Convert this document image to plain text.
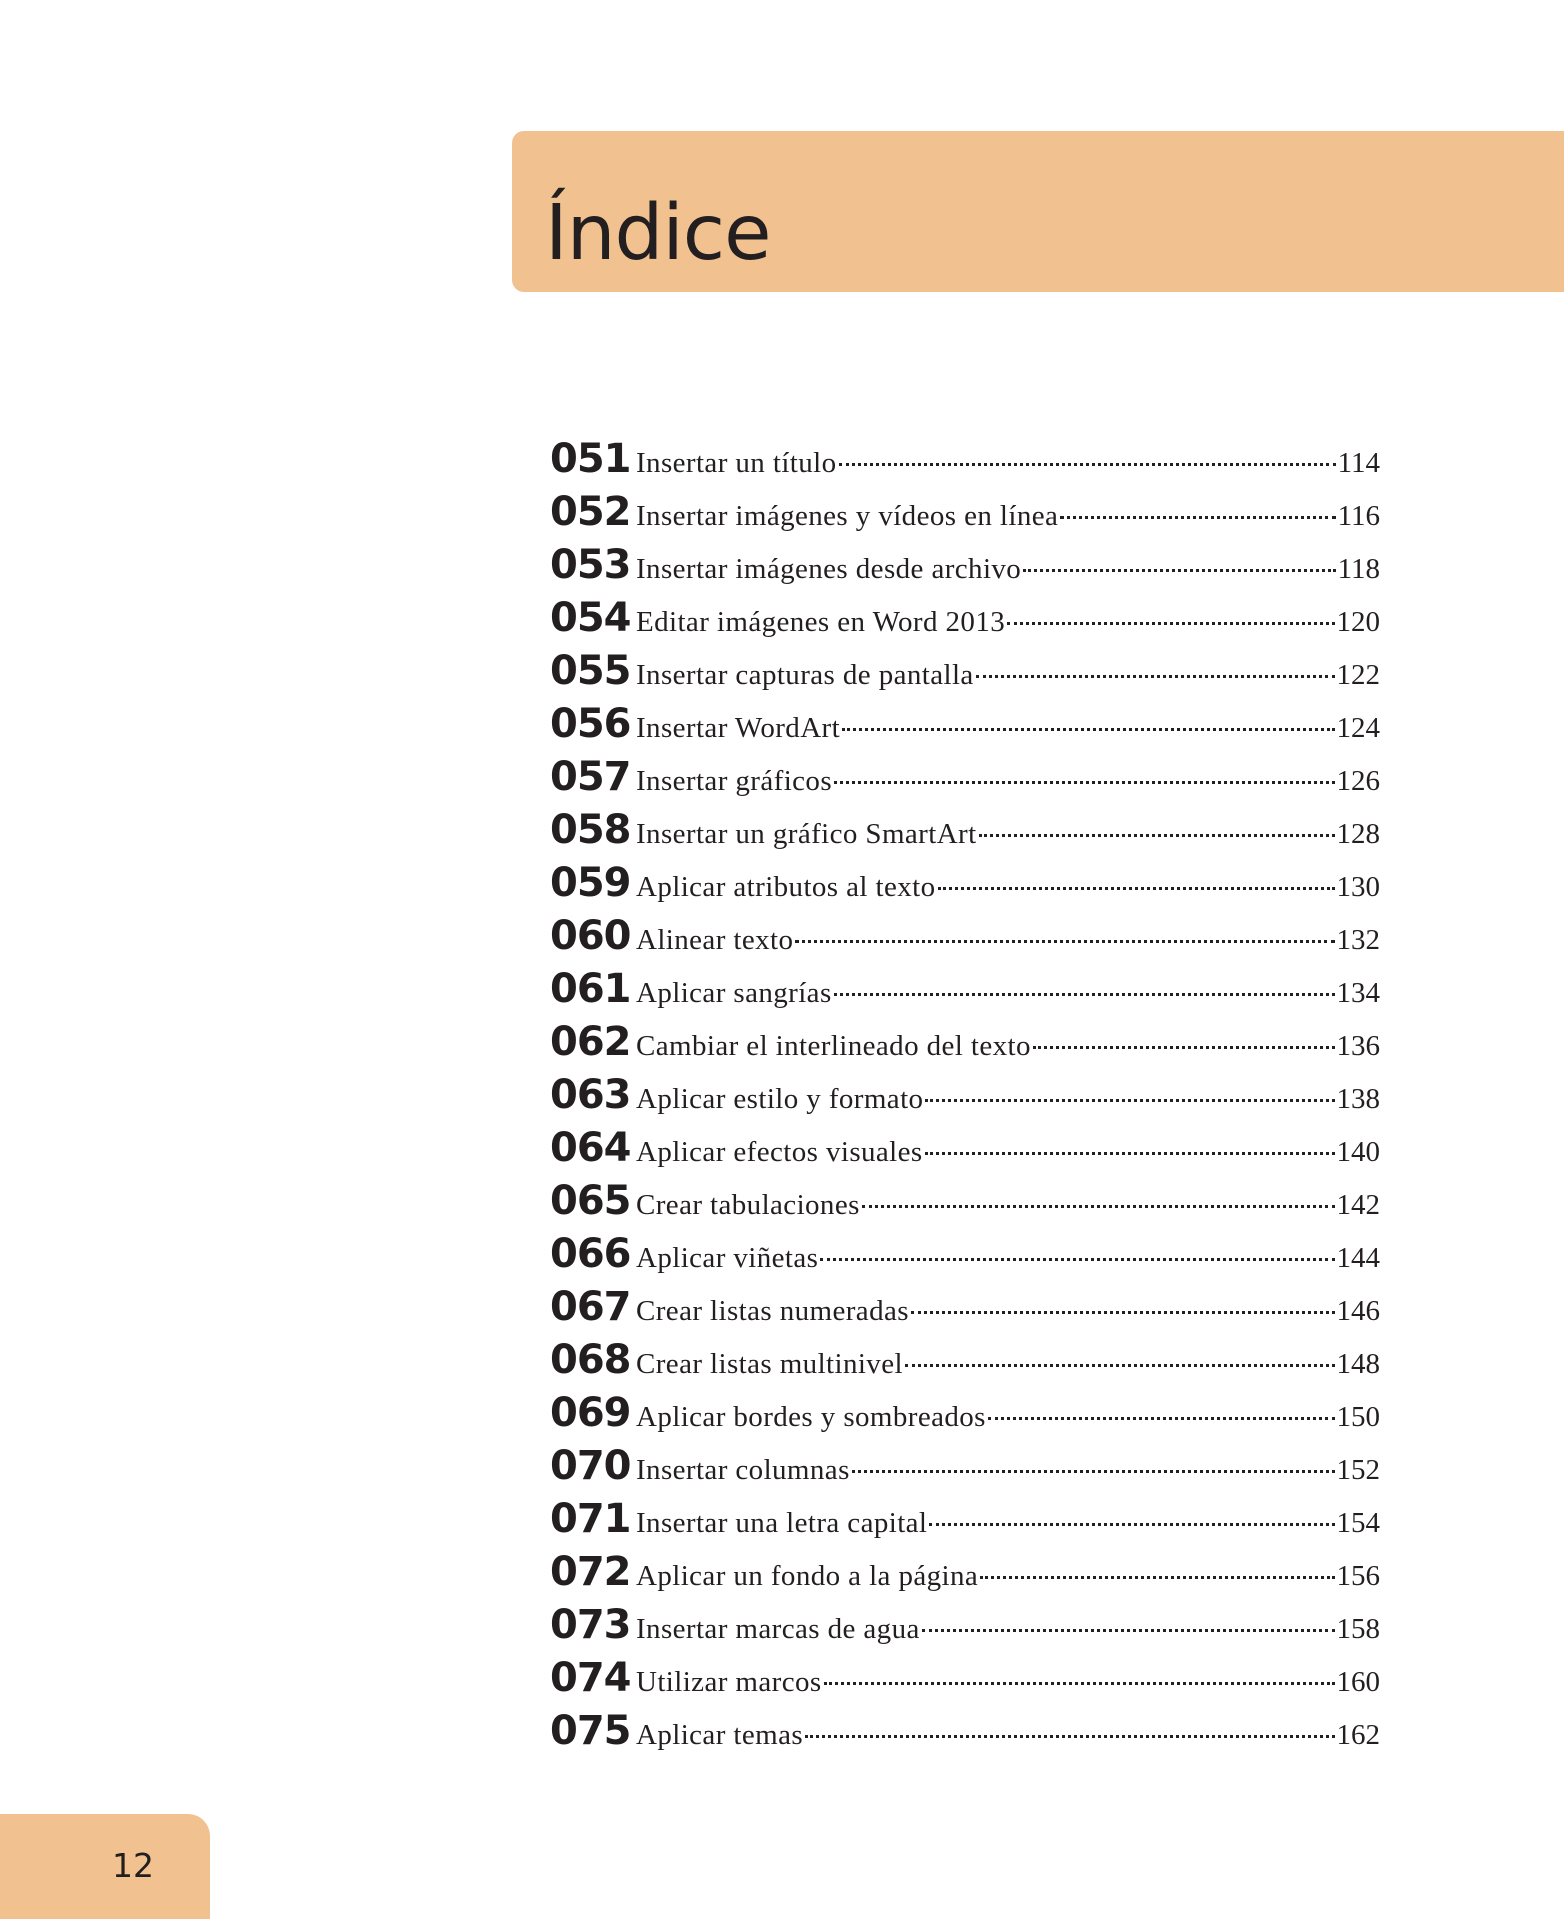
Índice
051 Insertar un título	114
052 Insertar imágenes y vídeos en línea	116
053 Insertar imágenes desde archivo	118
054 Editar imágenes en Word 2013	120
055 Insertar capturas de pantalla	122
056 Insertar WordArt	124
057 Insertar gráficos	126
058 Insertar un gráfico SmartArt	128
059 Aplicar atributos al texto	130
060 Alinear texto	132
061 Aplicar sangrías	134
062 Cambiar el interlineado del texto	136
063 Aplicar estilo y formato	138
064 Aplicar efectos visuales	140
065 Crear tabulaciones	142
066 Aplicar viñetas	144
067 Crear listas numeradas	146
068 Crear listas multinivel	148
069 Aplicar bordes y sombreados	150
070 Insertar columnas	152
071 Insertar una letra capital	154
072 Aplicar un fondo a la página	156
073 Insertar marcas de agua	158
074 Utilizar marcos	160
075 Aplicar temas	162
12
